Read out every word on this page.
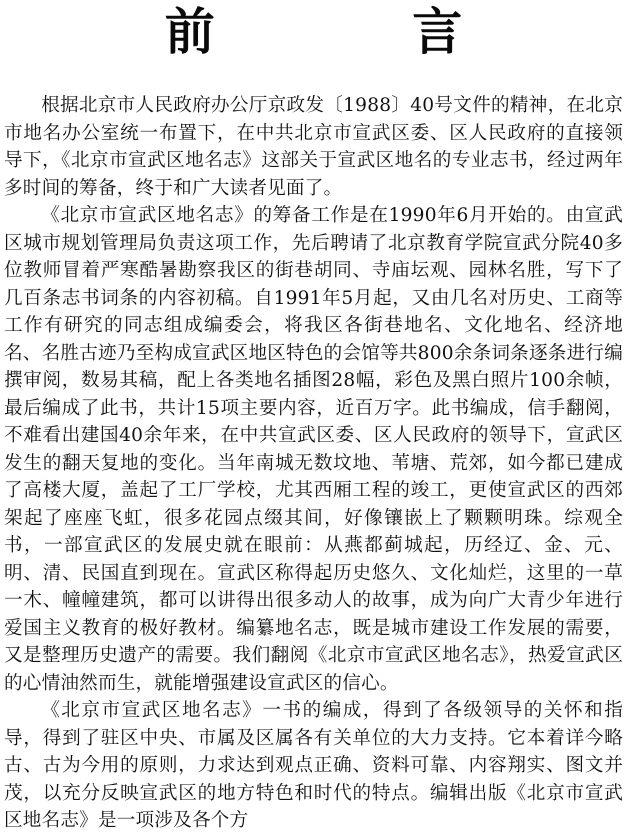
前 言

根据北京市人民政府办公厅京政发〔1988〕40号文件的精神，在北京市地名办公室统一布置下，在中共北京市宣武区委、区人民政府的直接领导下，《北京市宣武区地名志》这部关于宣武区地名的专业志书，经过两年多时间的筹备，终于和广大读者见面了。

《北京市宣武区地名志》的筹备工作是在1990年6月开始的。由宣武区城市规划管理局负责这项工作，先后聘请了北京教育学院宣武分院40多位教师冒着严寒酷暑勘察我区的街巷胡同、寺庙坛观、园林名胜，写下了几百条志书词条的内容初稿。自1991年5月起，又由几名对历史、工商等工作有研究的同志组成编委会，将我区各街巷地名、文化地名、经济地名、名胜古迹乃至构成宣武区地区特色的会馆等共800余条词条逐条进行编撰审阅，数易其稿，配上各类地名插图28幅，彩色及黑白照片100余帧，最后编成了此书，共计15项主要内容，近百万字。此书编成，信手翻阅，不难看出建国40余年来，在中共宣武区委、区人民政府的领导下，宣武区发生的翻天复地的变化。当年南城无数坟地、苇塘、荒郊，如今都已建成了高楼大厦，盖起了工厂学校，尤其西厢工程的竣工，更使宣武区的西郊架起了座座飞虹，很多花园点缀其间，好像镶嵌上了颗颗明珠。综观全书，一部宣武区的发展史就在眼前：从燕都蓟城起，历经辽、金、元、明、清、民国直到现在。宣武区称得起历史悠久、文化灿烂，这里的一草一木、幢幢建筑，都可以讲得出很多动人的故事，成为向广大青少年进行爱国主义教育的极好教材。编纂地名志，既是城市建设工作发展的需要，又是整理历史遗产的需要。我们翻阅《北京市宣武区地名志》，热爱宣武区的心情油然而生，就能增强建设宣武区的信心。

《北京市宣武区地名志》一书的编成，得到了各级领导的关怀和指导，得到了驻区中央、市属及区属各有关单位的大力支持。它本着详今略古、古为今用的原则，力求达到观点正确、资料可靠、内容翔实、图文并茂，以充分反映宣武区的地方特色和时代的特点。编辑出版《北京市宣武区地名志》是一项涉及各个方
